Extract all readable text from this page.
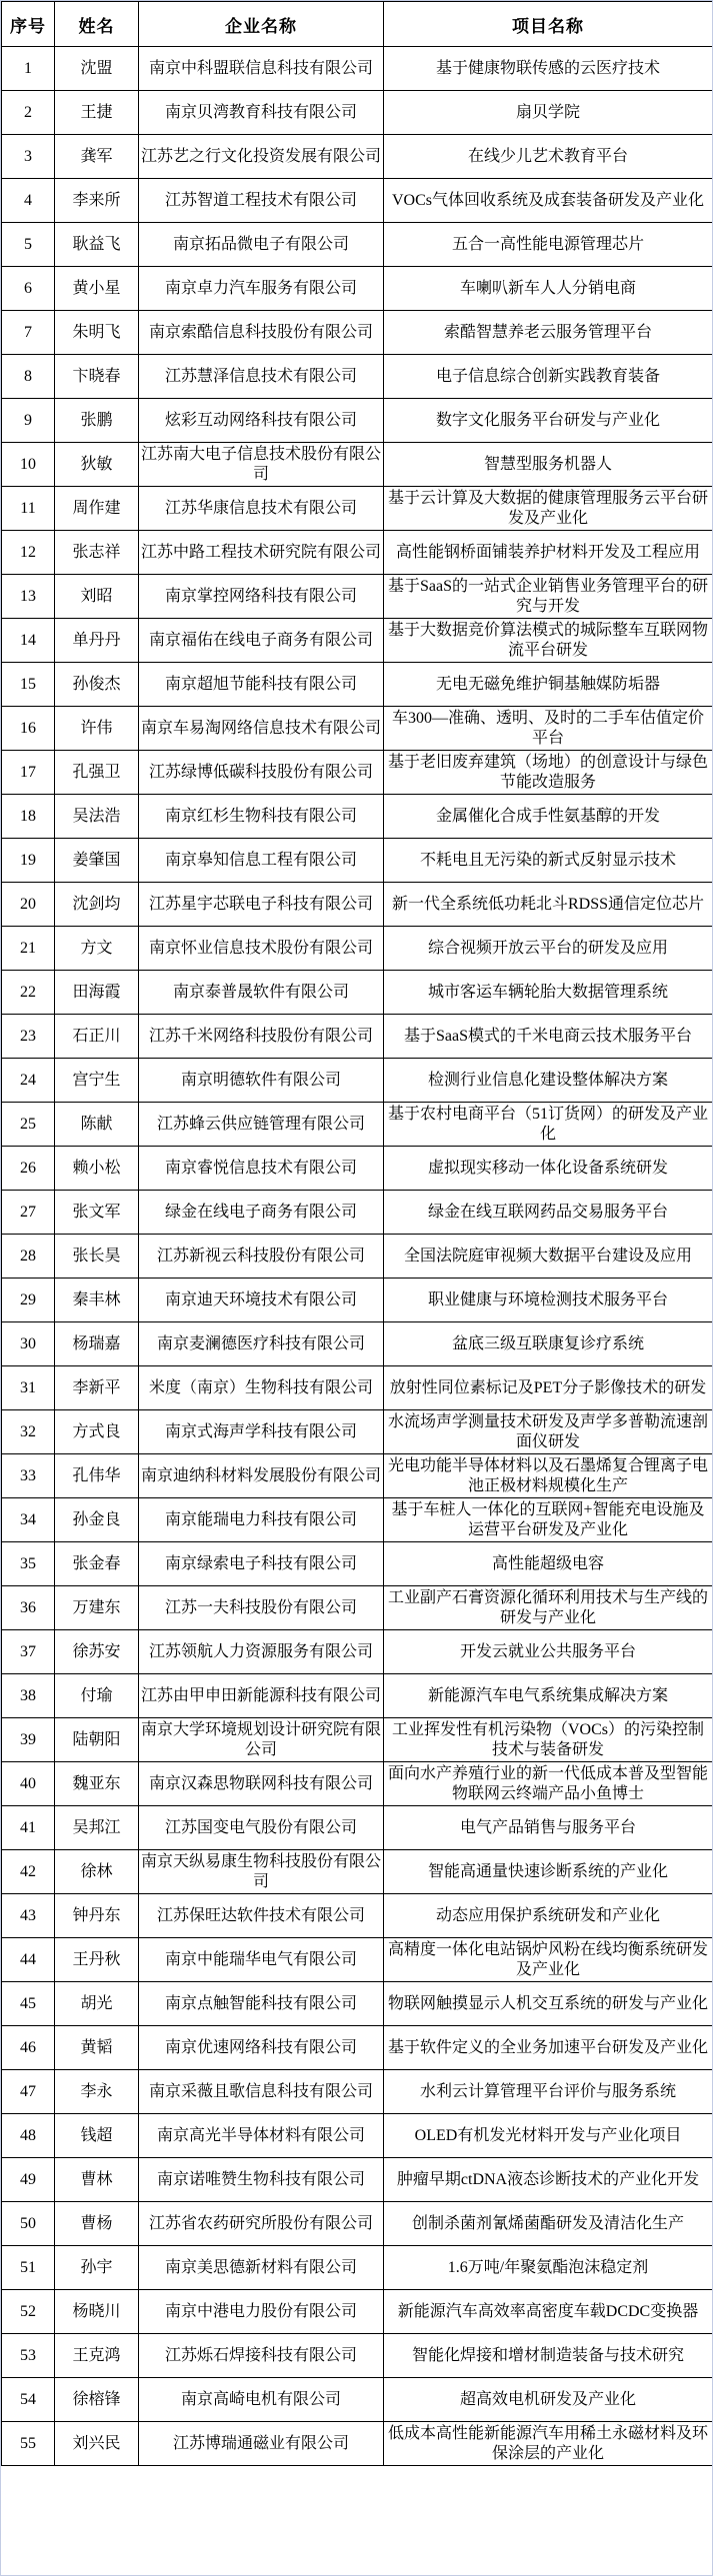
序号	姓名	企业名称	项目名称
1	沈盟	南京中科盟联信息科技有限公司	基于健康物联传感的云医疗技术
2	王捷	南京贝湾教育科技有限公司	扇贝学院
3	龚军	江苏艺之行文化投资发展有限公司	在线少儿艺术教育平台
4	李来所	江苏智道工程技术有限公司	VOCs气体回收系统及成套装备研发及产业化
5	耿益飞	南京拓品微电子有限公司	五合一高性能电源管理芯片
6	黄小星	南京卓力汽车服务有限公司	车喇叭新车人人分销电商
7	朱明飞	南京索酷信息科技股份有限公司	索酷智慧养老云服务管理平台
8	卞晓春	江苏慧泽信息技术有限公司	电子信息综合创新实践教育装备
9	张鹏	炫彩互动网络科技有限公司	数字文化服务平台研发与产业化
10	狄敏	江苏南大电子信息技术股份有限公司	智慧型服务机器人
11	周作建	江苏华康信息技术有限公司	基于云计算及大数据的健康管理服务云平台研发及产业化
12	张志祥	江苏中路工程技术研究院有限公司	高性能钢桥面铺装养护材料开发及工程应用
13	刘昭	南京掌控网络科技有限公司	基于SaaS的一站式企业销售业务管理平台的研究与开发
14	单丹丹	南京福佑在线电子商务有限公司	基于大数据竞价算法模式的城际整车互联网物流平台研发
15	孙俊杰	南京超旭节能科技有限公司	无电无磁免维护铜基触媒防垢器
16	许伟	南京车易淘网络信息技术有限公司	车300—准确、透明、及时的二手车估值定价平台
17	孔强卫	江苏绿博低碳科技股份有限公司	基于老旧废弃建筑（场地）的创意设计与绿色节能改造服务
18	吴法浩	南京红杉生物科技有限公司	金属催化合成手性氨基醇的开发
19	姜肇国	南京皋知信息工程有限公司	不耗电且无污染的新式反射显示技术
20	沈剑均	江苏星宇芯联电子科技有限公司	新一代全系统低功耗北斗RDSS通信定位芯片
21	方文	南京怀业信息技术股份有限公司	综合视频开放云平台的研发及应用
22	田海霞	南京泰普晟软件有限公司	城市客运车辆轮胎大数据管理系统
23	石正川	江苏千米网络科技股份有限公司	基于SaaS模式的千米电商云技术服务平台
24	宫宁生	南京明德软件有限公司	检测行业信息化建设整体解决方案
25	陈献	江苏蜂云供应链管理有限公司	基于农村电商平台（51订货网）的研发及产业化
26	赖小松	南京睿悦信息技术有限公司	虚拟现实移动一体化设备系统研发
27	张文军	绿金在线电子商务有限公司	绿金在线互联网药品交易服务平台
28	张长昊	江苏新视云科技股份有限公司	全国法院庭审视频大数据平台建设及应用
29	秦丰林	南京迪天环境技术有限公司	职业健康与环境检测技术服务平台
30	杨瑞嘉	南京麦澜德医疗科技有限公司	盆底三级互联康复诊疗系统
31	李新平	米度（南京）生物科技有限公司	放射性同位素标记及PET分子影像技术的研发
32	方式良	南京式海声学科技有限公司	水流场声学测量技术研发及声学多普勒流速剖面仪研发
33	孔伟华	南京迪纳科材料发展股份有限公司	光电功能半导体材料以及石墨烯复合锂离子电池正极材料规模化生产
34	孙金良	南京能瑞电力科技有限公司	基于车桩人一体化的互联网+智能充电设施及运营平台研发及产业化
35	张金春	南京绿索电子科技有限公司	高性能超级电容
36	万建东	江苏一夫科技股份有限公司	工业副产石膏资源化循环利用技术与生产线的研发与产业化
37	徐苏安	江苏领航人力资源服务有限公司	开发云就业公共服务平台
38	付瑜	江苏由甲申田新能源科技有限公司	新能源汽车电气系统集成解决方案
39	陆朝阳	南京大学环境规划设计研究院有限公司	工业挥发性有机污染物（VOCs）的污染控制技术与装备研发
40	魏亚东	南京汉森思物联网科技有限公司	面向水产养殖行业的新一代低成本普及型智能物联网云终端产品小鱼博士
41	吴邦江	江苏国变电气股份有限公司	电气产品销售与服务平台
42	徐林	南京天纵易康生物科技股份有限公司	智能高通量快速诊断系统的产业化
43	钟丹东	江苏保旺达软件技术有限公司	动态应用保护系统研发和产业化
44	王丹秋	南京中能瑞华电气有限公司	高精度一体化电站锅炉风粉在线均衡系统研发及产业化
45	胡光	南京点触智能科技有限公司	物联网触摸显示人机交互系统的研发与产业化
46	黄韬	南京优速网络科技有限公司	基于软件定义的全业务加速平台研发及产业化
47	李永	南京采薇且歌信息科技有限公司	水利云计算管理平台评价与服务系统
48	钱超	南京高光半导体材料有限公司	OLED有机发光材料开发与产业化项目
49	曹林	南京诺唯赞生物科技有限公司	肿瘤早期ctDNA液态诊断技术的产业化开发
50	曹杨	江苏省农药研究所股份有限公司	创制杀菌剂氰烯菌酯研发及清洁化生产
51	孙宇	南京美思德新材料有限公司	1.6万吨/年聚氨酯泡沫稳定剂
52	杨晓川	南京中港电力股份有限公司	新能源汽车高效率高密度车载DCDC变换器
53	王克鸿	江苏烁石焊接科技有限公司	智能化焊接和增材制造装备与技术研究
54	徐榕锋	南京高崎电机有限公司	超高效电机研发及产业化
55	刘兴民	江苏博瑞通磁业有限公司	低成本高性能新能源汽车用稀土永磁材料及环保涂层的产业化
